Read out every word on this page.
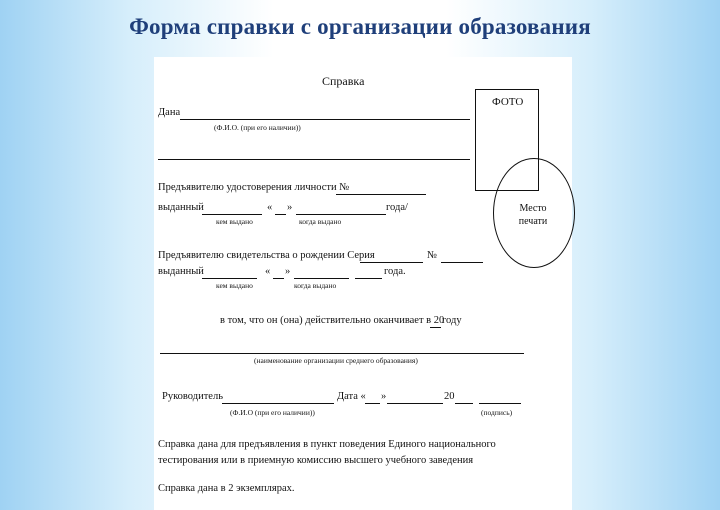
Форма справки с организации образования
Справка
ФОТО
Место печати
Дана
(Ф.И.О. (при его наличии))
Предъявителю удостоверения личности №
выданный	« »	года/
кем выдано	когда выдано
Предъявителю свидетельства о рождении Серия	№
выданный	« »	года.
кем выдано	когда выдано
в том, что он (она) действительно оканчивает в 20
году
(наименование организации среднего образования)
Руководитель	Дата « »	20
(Ф.И.О (при его наличии))	(подпись)
Справка дана для предъявления в пункт поведения Единого национального
тестирования или в приемную комиссию высшего учебного заведения
Справка дана в 2 экземплярах.
